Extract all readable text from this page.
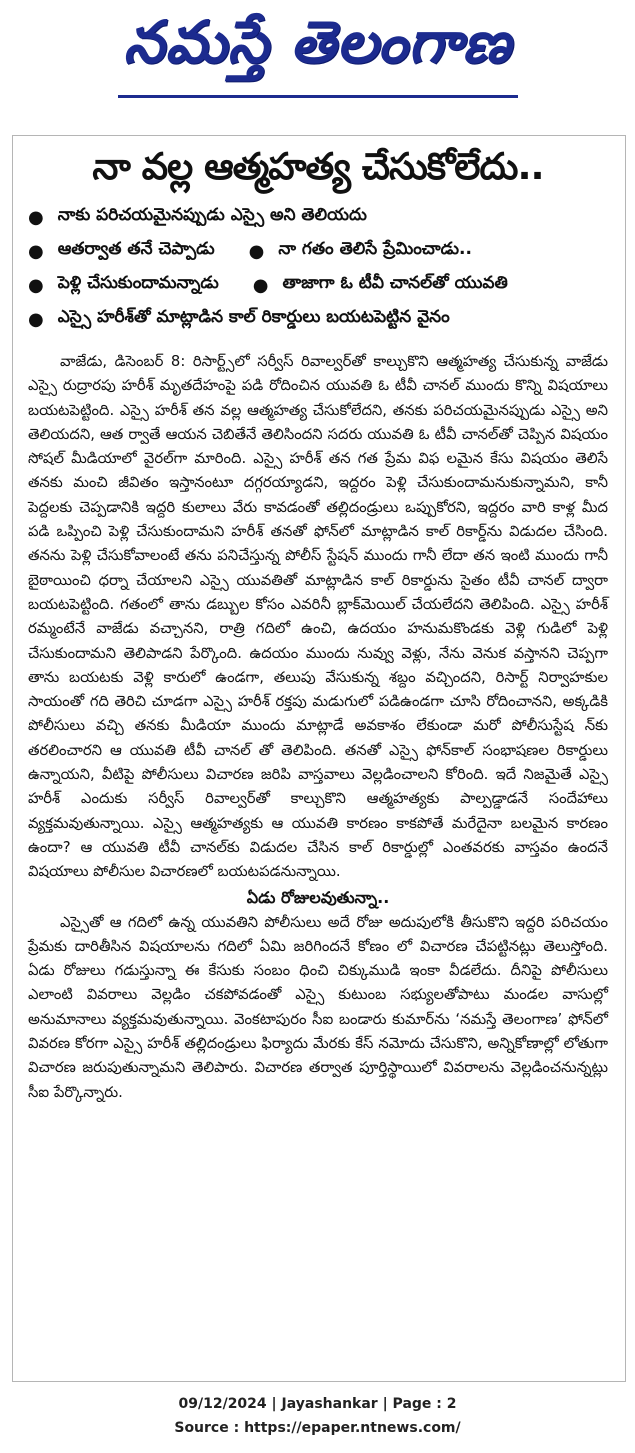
నమస్తే తెలంగాణ
నా వల్ల ఆత్మహత్య చేసుకోలేదు..
● నాకు పరిచయమైనప్పుడు ఎస్సై అని తెలియదు
● ఆతర్వాత తనే చెప్పాడు ● నా గతం తెలిసే ప్రేమించాడు..
● పెళ్లి చేసుకుందామన్నాడు ● తాజాగా ఓ టీవీ చానల్‌తో యువతి
● ఎస్సై హరీశ్‌తో మాట్లాడిన కాల్ రికార్డులు బయటపెట్టిన వైనం

వాజేడు, డిసెంబర్ 8: రిసార్ట్స్‌లో సర్వీస్ రివాల్వర్‌తో కాల్చుకొని ఆత్మహత్య చేసుకున్న వాజేడు ఎస్సై రుద్రారపు హరీశ్ మృతదేహంపై పడి రోదించిన యువతి ఓ టీవీ చానల్ ముందు కొన్ని విషయాలు బయటపెట్టింది. ఎస్సై హరీశ్ తన వల్ల ఆత్మహత్య చేసుకోలేదని, తనకు పరిచయమైనప్పుడు ఎస్సై అని తెలియదని, ఆత ర్వాతే ఆయన చెబితేనే తెలిసిందని సదరు యువతి ఓ టీవీ చానల్‌తో చెప్పిన విషయం సోషల్ మీడియాలో వైరల్‌గా మారింది. ఎస్సై హరీశ్ తన గత ప్రేమ విఫ లమైన కేసు విషయం తెలిసే తనకు మంచి జీవితం ఇస్తానంటూ దగ్గరయ్యాడని, ఇద్దరం పెళ్లి చేసుకుందామనుకున్నామని, కానీ పెద్దలకు చెప్పడానికి ఇద్దరి కులాలు వేరు కావడంతో తల్లిదండ్రులు ఒప్పుకోరని, ఇద్దరం వారి కాళ్ల మీద పడి ఒప్పించి పెళ్లి చేసుకుందామని హరీశ్ తనతో ఫోన్‌లో మాట్లాడిన కాల్ రికార్డ్‌ను విడుదల చేసింది. తనను పెళ్లి చేసుకోవాలంటే తను పనిచేస్తున్న పోలీస్ స్టేషన్ ముందు గానీ లేదా తన ఇంటి ముందు గానీ బైఠాయించి ధర్నా చేయాలని ఎస్సై యువతితో మాట్లాడిన కాల్ రికార్డును సైతం టీవీ చానల్ ద్వారా బయటపెట్టింది. గతంలో తాను డబ్బుల కోసం ఎవరినీ బ్లాక్‌మెయిల్ చేయలేదని తెలిపింది. ఎస్సై హరీశ్ రమ్మంటేనే వాజేడు వచ్చానని, రాత్రి గదిలో ఉంచి, ఉదయం హనుమకొండకు వెళ్లి గుడిలో పెళ్లి చేసుకుందామని తెలిపాడని పేర్కొంది. ఉదయం ముందు నువ్వు వెళ్లు, నేను వెనుక వస్తానని చెప్పగా తాను బయటకు వెళ్లి కారులో ఉండగా, తలుపు వేసుకున్న శబ్దం వచ్చిందని, రిసార్ట్ నిర్వాహకుల సాయంతో గది తెరిచి చూడగా ఎస్సై హరీశ్ రక్తపు మడుగులో పడిఉండగా చూసి రోదించానని, అక్కడికి పోలీసులు వచ్చి తనకు మీడియా ముందు మాట్లాడే అవకాశం లేకుండా మరో పోలీసుస్టేష న్‌కు తరలించారని ఆ యువతి టీవీ చానల్ తో తెలిపింది. తనతో ఎస్సై ఫోన్‌కాల్ సంభాషణల రికార్డులు ఉన్నాయని, వీటిపై పోలీసులు విచారణ జరిపి వాస్తవాలు వెల్లడించాలని కోరింది. ఇదే నిజమైతే ఎస్సై హరీశ్ ఎందుకు సర్వీస్ రివాల్వర్‌తో కాల్చుకొని ఆత్మహత్యకు పాల్పడ్డాడనే సందేహాలు వ్యక్తమవుతున్నాయి. ఎస్సై ఆత్మహత్యకు ఆ యువతి కారణం కాకపోతే మరేదైనా బలమైన కారణం ఉందా? ఆ యువతి టీవీ చానల్‌కు విడుదల చేసిన కాల్ రికార్డుల్లో ఎంతవరకు వాస్తవం ఉందనే విషయాలు పోలీసుల విచారణలో బయటపడనున్నాయి.

ఏడు రోజులవుతున్నా..

ఎస్సైతో ఆ గదిలో ఉన్న యువతిని పోలీసులు అదే రోజు అదుపులోకి తీసుకొని ఇద్దరి పరిచయం ప్రేమకు దారితీసిన విషయాలను గదిలో ఏమి జరిగిందనే కోణం లో విచారణ చేపట్టినట్లు తెలుస్తోంది. ఏడు రోజులు గడుస్తున్నా ఈ కేసుకు సంబం ధించి చిక్కుముడి ఇంకా వీడలేదు. దీనిపై పోలీసులు ఎలాంటి వివరాలు వెల్లడిం చకపోవడంతో ఎస్సై కుటుంబ సభ్యులతోపాటు మండల వాసుల్లో అనుమానాలు వ్యక్తమవుతున్నాయి. వెంకటాపురం సీఐ బండారు కుమార్‌ను ‘నమస్తే తెలంగాణ’ ఫోన్‌లో వివరణ కోరగా ఎస్సై హరీశ్ తల్లిదండ్రులు ఫిర్యాదు మేరకు కేస్ నమోదు చేసుకొని, అన్నికోణాల్లో లోతుగా విచారణ జరుపుతున్నామని తెలిపారు. విచారణ తర్వాత పూర్తిస్థాయిలో వివరాలను వెల్లడించనున్నట్లు సీఐ పేర్కొన్నారు.

09/12/2024 | Jayashankar | Page : 2
Source : https://epaper.ntnews.com/
